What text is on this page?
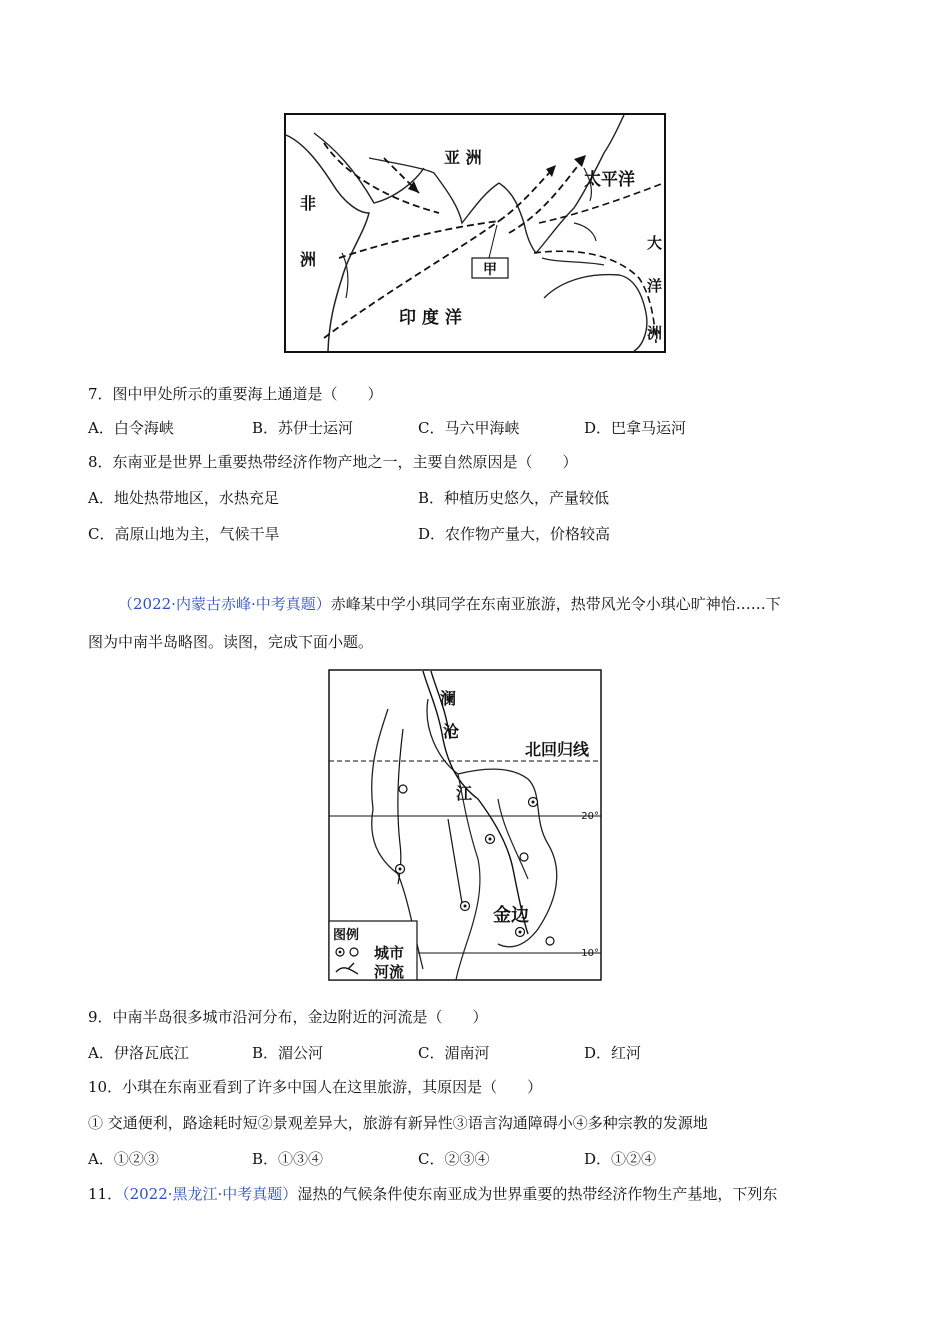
甲
亚 洲
非
洲
太平洋
印 度 洋
大
洋
洲
7．图中甲处所示的重要海上通道是（　　）
A．白令海峡	B．苏伊士运河	C．马六甲海峡	D．巴拿马运河
8．东南亚是世界上重要热带经济作物产地之一，主要自然原因是（　　）
A．地处热带地区，水热充足	B．种植历史悠久，产量较低
C．高原山地为主，气候干旱	D．农作物产量大，价格较高
（2022·内蒙古赤峰·中考真题）赤峰某中学小琪同学在东南亚旅游，热带风光令小琪心旷神怡……下
图为中南半岛略图。读图，完成下面小题。
澜
沧
江
北回归线
20°
10°
金边
图例
城市
河流
9．中南半岛很多城市沿河分布，金边附近的河流是（　　）
A．伊洛瓦底江	B．湄公河	C．湄南河	D．红河
10．小琪在东南亚看到了许多中国人在这里旅游，其原因是（　　）
① 交通便利，路途耗时短②景观差异大，旅游有新异性③语言沟通障碍小④多种宗教的发源地
A．①②③	B．①③④	C．②③④	D．①②④
11．（2022·黑龙江·中考真题）湿热的气候条件使东南亚成为世界重要的热带经济作物生产基地，下列东
